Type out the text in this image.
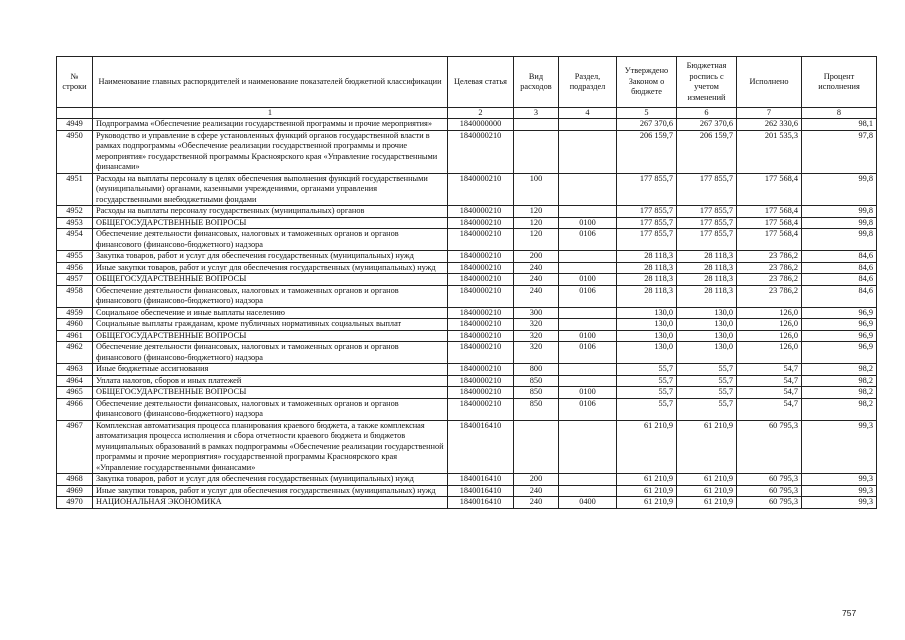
№ строки	Наименование главных распорядителей и наименование показателей бюджетной классификации	Целевая статья	Вид расходов	Раздел, подраздел	Утверждено Законом о бюджете	Бюджетная роспись с учетом изменений	Исполнено	Процент исполнения
	1	2	3	4	5	6	7	8
4949	Подпрограмма «Обеспечение реализации государственной программы и прочие мероприятия»	1840000000			267 370,6	267 370,6	262 330,6	98,1
4950	Руководство и управление в сфере установленных функций органов государственной власти в рамках подпрограммы «Обеспечение реализации государственной программы и прочие мероприятия» государственной программы Красноярского края «Управление государственными финансами»	1840000210			206 159,7	206 159,7	201 535,3	97,8
4951	Расходы на выплаты персоналу в целях обеспечения выполнения функций государственными (муниципальными) органами, казенными учреждениями, органами управления государственными внебюджетными фондами	1840000210	100		177 855,7	177 855,7	177 568,4	99,8
4952	Расходы на выплаты персоналу государственных (муниципальных) органов	1840000210	120		177 855,7	177 855,7	177 568,4	99,8
4953	ОБЩЕГОСУДАРСТВЕННЫЕ ВОПРОСЫ	1840000210	120	0100	177 855,7	177 855,7	177 568,4	99,8
4954	Обеспечение деятельности финансовых, налоговых и таможенных органов и органов финансового (финансово-бюджетного) надзора	1840000210	120	0106	177 855,7	177 855,7	177 568,4	99,8
4955	Закупка товаров, работ и услуг для обеспечения государственных (муниципальных) нужд	1840000210	200		28 118,3	28 118,3	23 786,2	84,6
4956	Иные закупки товаров, работ и услуг для обеспечения государственных (муниципальных) нужд	1840000210	240		28 118,3	28 118,3	23 786,2	84,6
4957	ОБЩЕГОСУДАРСТВЕННЫЕ ВОПРОСЫ	1840000210	240	0100	28 118,3	28 118,3	23 786,2	84,6
4958	Обеспечение деятельности финансовых, налоговых и таможенных органов и органов финансового (финансово-бюджетного) надзора	1840000210	240	0106	28 118,3	28 118,3	23 786,2	84,6
4959	Социальное обеспечение и иные выплаты населению	1840000210	300		130,0	130,0	126,0	96,9
4960	Социальные выплаты гражданам, кроме публичных нормативных социальных выплат	1840000210	320		130,0	130,0	126,0	96,9
4961	ОБЩЕГОСУДАРСТВЕННЫЕ ВОПРОСЫ	1840000210	320	0100	130,0	130,0	126,0	96,9
4962	Обеспечение деятельности финансовых, налоговых и таможенных органов и органов финансового (финансово-бюджетного) надзора	1840000210	320	0106	130,0	130,0	126,0	96,9
4963	Иные бюджетные ассигнования	1840000210	800		55,7	55,7	54,7	98,2
4964	Уплата налогов, сборов и иных платежей	1840000210	850		55,7	55,7	54,7	98,2
4965	ОБЩЕГОСУДАРСТВЕННЫЕ ВОПРОСЫ	1840000210	850	0100	55,7	55,7	54,7	98,2
4966	Обеспечение деятельности финансовых, налоговых и таможенных органов и органов финансового (финансово-бюджетного) надзора	1840000210	850	0106	55,7	55,7	54,7	98,2
4967	Комплексная автоматизация процесса планирования краевого бюджета, а также комплексная автоматизация процесса исполнения и сбора отчетности краевого бюджета и бюджетов муниципальных образований в рамках подпрограммы «Обеспечение реализации государственной программы и прочие мероприятия» государственной программы Красноярского края «Управление государственными финансами»	1840016410			61 210,9	61 210,9	60 795,3	99,3
4968	Закупка товаров, работ и услуг для обеспечения государственных (муниципальных) нужд	1840016410	200		61 210,9	61 210,9	60 795,3	99,3
4969	Иные закупки товаров, работ и услуг для обеспечения государственных (муниципальных) нужд	1840016410	240		61 210,9	61 210,9	60 795,3	99,3
4970	НАЦИОНАЛЬНАЯ ЭКОНОМИКА	1840016410	240	0400	61 210,9	61 210,9	60 795,3	99,3
757
